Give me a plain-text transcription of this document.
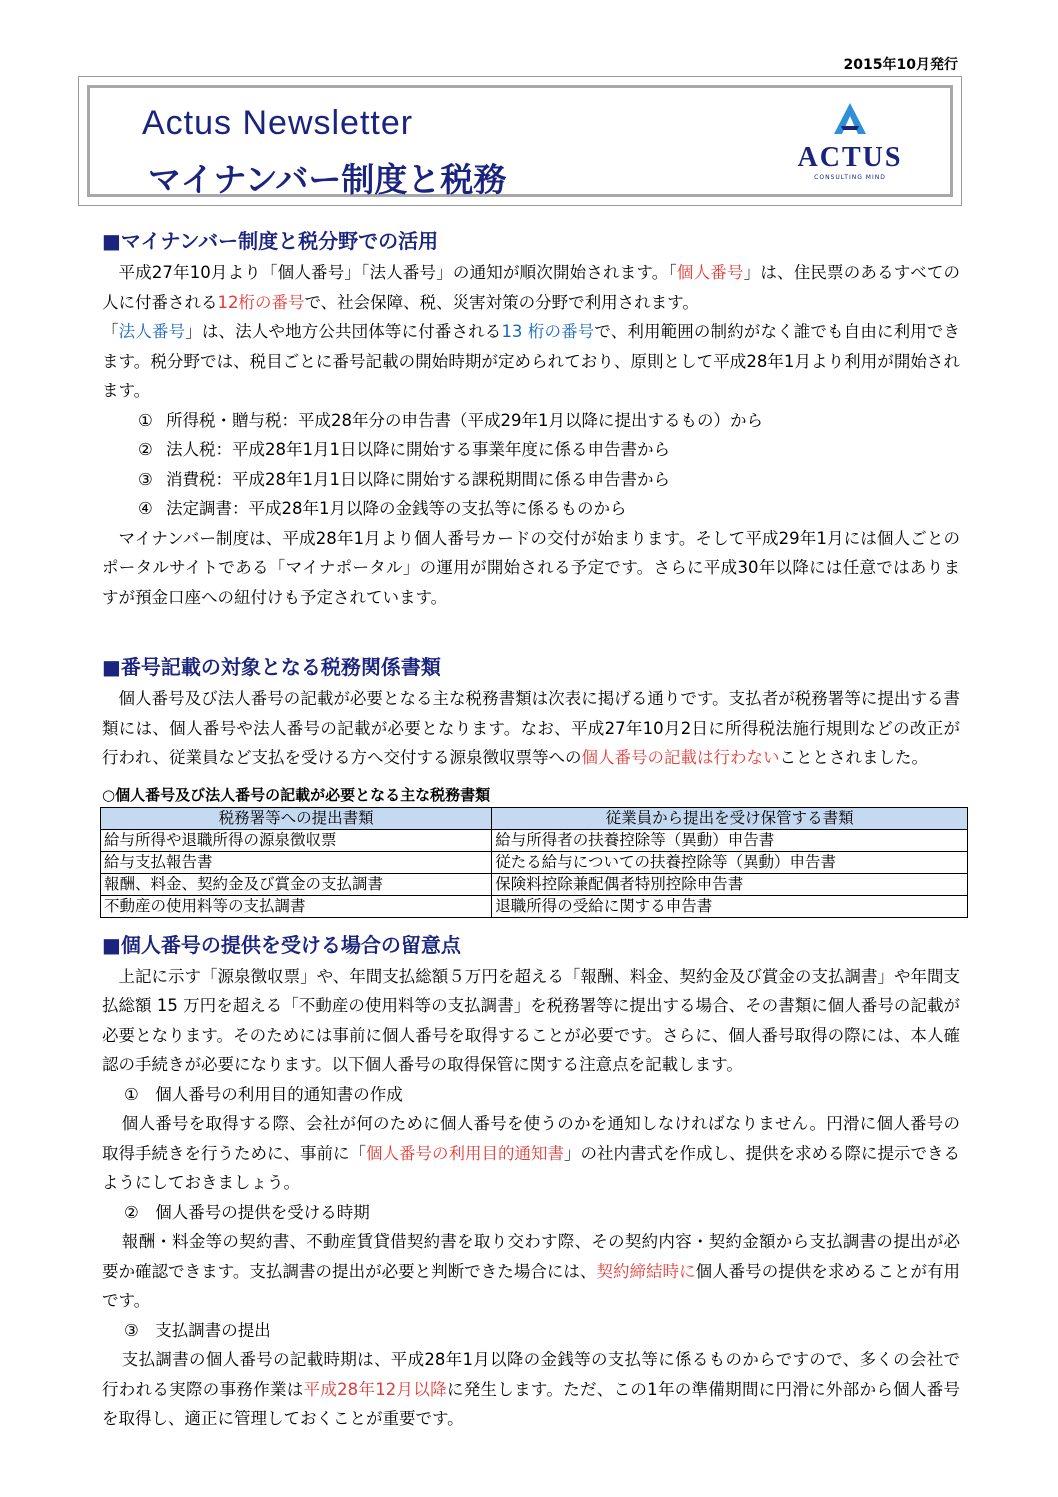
2015年10月発行
Actus Newsletter
マイナンバー制度と税務
ACTUS
CONSULTING MIND
■マイナンバー制度と税分野での活用

平成27年10月より「個人番号」「法人番号」の通知が順次開始されます。「個人番号」は、住民票のあるすべての人に付番される12桁の番号で、社会保障、税、災害対策の分野で利用されます。

「法人番号」は、法人や地方公共団体等に付番される13 桁の番号で、利用範囲の制約がなく誰でも自由に利用できます。税分野では、税目ごとに番号記載の開始時期が定められており、原則として平成28年1月より利用が開始されます。

① 所得税・贈与税：平成28年分の申告書（平成29年1月以降に提出するもの）から
② 法人税：平成28年1月1日以降に開始する事業年度に係る申告書から
③ 消費税：平成28年1月1日以降に開始する課税期間に係る申告書から
④ 法定調書：平成28年1月以降の金銭等の支払等に係るものから

マイナンバー制度は、平成28年1月より個人番号カードの交付が始まります。そして平成29年1月には個人ごとのポータルサイトである「マイナポータル」の運用が開始される予定です。さらに平成30年以降には任意ではありますが預金口座への紐付けも予定されています。

■番号記載の対象となる税務関係書類

個人番号及び法人番号の記載が必要となる主な税務書類は次表に掲げる通りです。支払者が税務署等に提出する書類には、個人番号や法人番号の記載が必要となります。なお、平成27年10月2日に所得税法施行規則などの改正が行われ、従業員など支払を受ける方へ交付する源泉徴収票等への個人番号の記載は行わないこととされました。

○個人番号及び法人番号の記載が必要となる主な税務書類
税務署等への提出書類	従業員から提出を受け保管する書類
給与所得や退職所得の源泉徴収票	給与所得者の扶養控除等（異動）申告書
給与支払報告書	従たる給与についての扶養控除等（異動）申告書
報酬、料金、契約金及び賞金の支払調書	保険料控除兼配偶者特別控除申告書
不動産の使用料等の支払調書	退職所得の受給に関する申告書
■個人番号の提供を受ける場合の留意点

上記に示す「源泉徴収票」や、年間支払総額５万円を超える「報酬、料金、契約金及び賞金の支払調書」や年間支払総額 15 万円を超える「不動産の使用料等の支払調書」を税務署等に提出する場合、その書類に個人番号の記載が必要となります。そのためには事前に個人番号を取得することが必要です。さらに、個人番号取得の際には、本人確認の手続きが必要になります。以下個人番号の取得保管に関する注意点を記載します。

①　個人番号の利用目的通知書の作成

個人番号を取得する際、会社が何のために個人番号を使うのかを通知しなければなりません。円滑に個人番号の取得手続きを行うために、事前に「個人番号の利用目的通知書」の社内書式を作成し、提供を求める際に提示できるようにしておきましょう。

②　個人番号の提供を受ける時期

報酬・料金等の契約書、不動産賃貸借契約書を取り交わす際、その契約内容・契約金額から支払調書の提出が必要か確認できます。支払調書の提出が必要と判断できた場合には、契約締結時に個人番号の提供を求めることが有用です。

③　支払調書の提出

支払調書の個人番号の記載時期は、平成28年1月以降の金銭等の支払等に係るものからですので、多くの会社で行われる実際の事務作業は平成28年12月以降に発生します。ただ、この1年の準備期間に円滑に外部から個人番号を取得し、適正に管理しておくことが重要です。
